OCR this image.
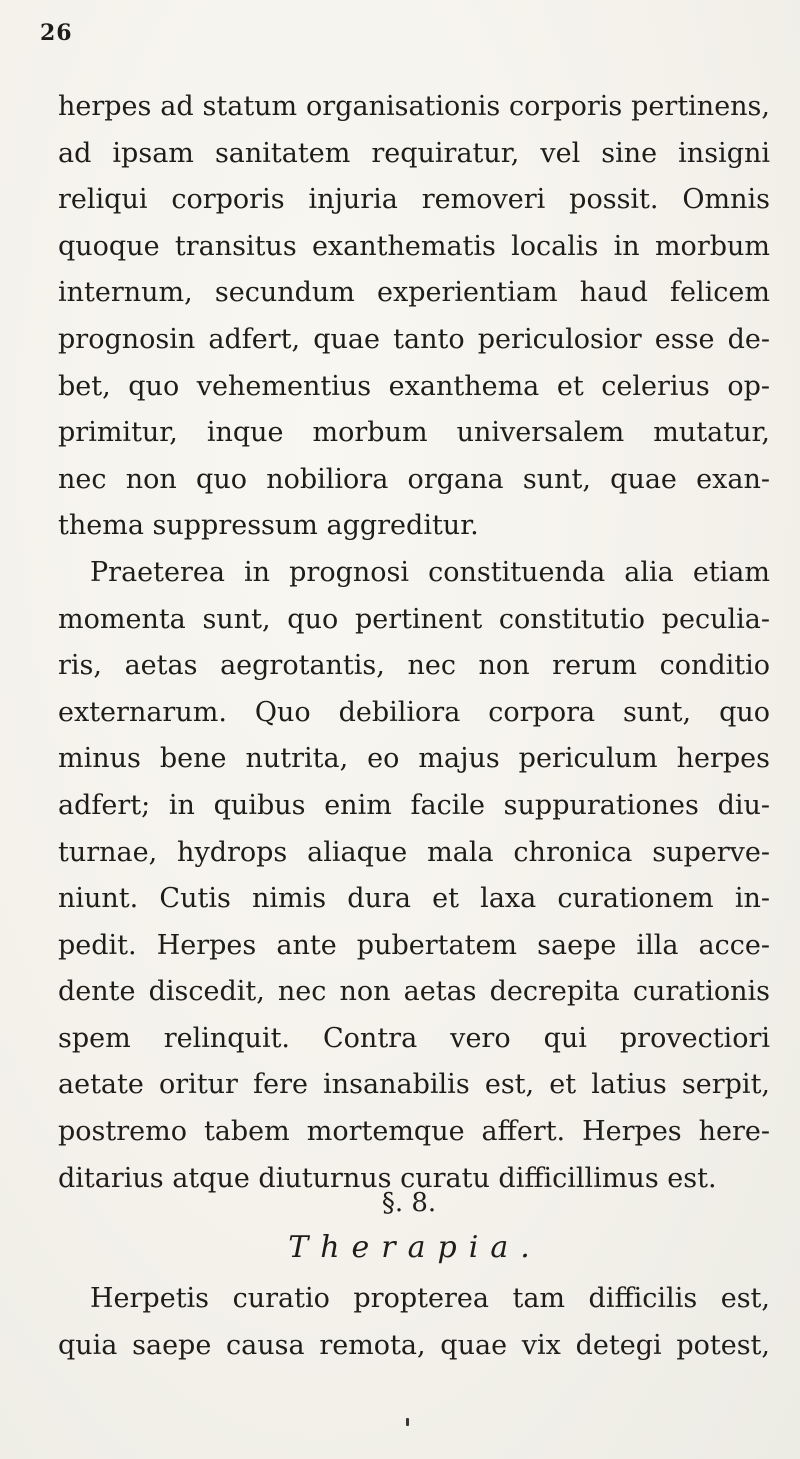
26
herpes ad statum organisationis corporis pertinens,
ad ipsam sanitatem requiratur, vel sine insigni
reliqui corporis injuria removeri possit. Omnis
quoque transitus exanthematis localis in morbum
internum, secundum experientiam haud felicem
prognosin adfert, quae tanto periculosior esse de-
bet, quo vehementius exanthema et celerius op-
primitur, inque morbum universalem mutatur,
nec non quo nobiliora organa sunt, quae exan-
thema suppressum aggreditur.
Praeterea in prognosi constituenda alia etiam
momenta sunt, quo pertinent constitutio peculia-
ris, aetas aegrotantis, nec non rerum conditio
externarum. Quo debiliora corpora sunt, quo
minus bene nutrita, eo majus periculum herpes
adfert; in quibus enim facile suppurationes diu-
turnae, hydrops aliaque mala chronica superve-
niunt. Cutis nimis dura et laxa curationem in-
pedit. Herpes ante pubertatem saepe illa acce-
dente discedit, nec non aetas decrepita curationis
spem relinquit. Contra vero qui provectiori
aetate oritur fere insanabilis est, et latius serpit,
postremo tabem mortemque affert. Herpes here-
ditarius atque diuturnus curatu difficillimus est.
§. 8.
Therapia.
Herpetis curatio propterea tam difficilis est,
quia saepe causa remota, quae vix detegi potest,
